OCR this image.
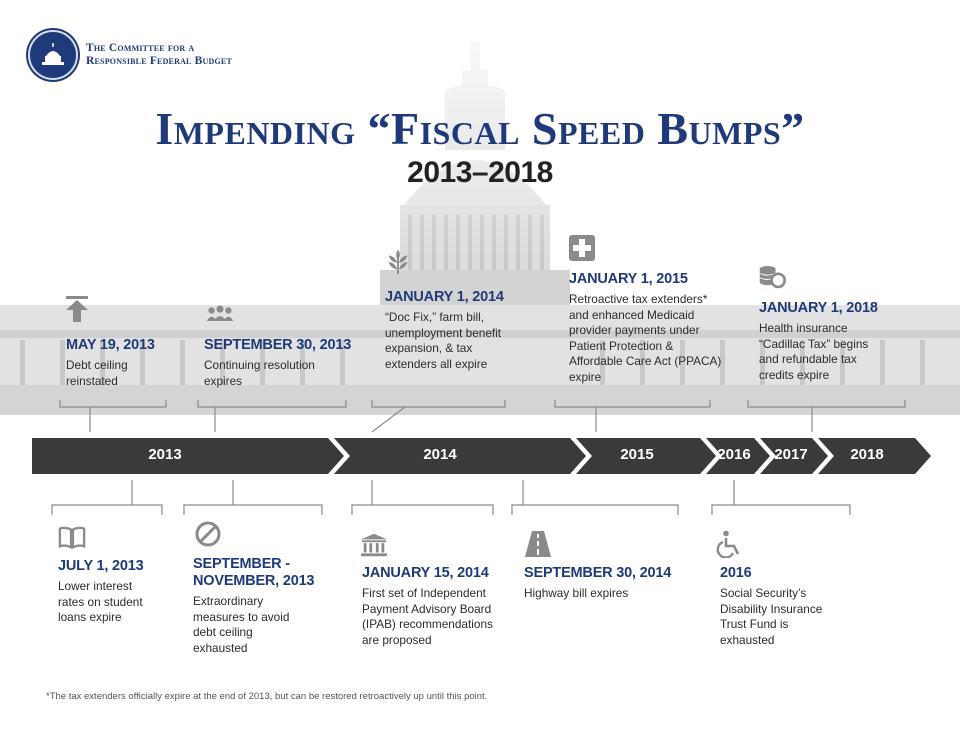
The Committee for a
Responsible Federal Budget
Impending “Fiscal Speed Bumps”
2013–2018
2013	2014	2015	2016	2017	2018
MAY 19, 2013
Debt ceiling reinstated
SEPTEMBER 30, 2013
Continuing resolution expires
JANUARY 1, 2014
“Doc Fix,” farm bill, unemployment benefit expansion, & tax extenders all expire
JANUARY 1, 2015
Retroactive tax extenders* and enhanced Medicaid provider payments under Patient Protection & Affordable Care Act (PPACA) expire
JANUARY 1, 2018
Health insurance “Cadillac Tax” begins and refundable tax credits expire
JULY 1, 2013
Lower interest rates on student loans expire
SEPTEMBER - NOVEMBER, 2013
Extraordinary measures to avoid debt ceiling exhausted
JANUARY 15, 2014
First set of Independent Payment Advisory Board (IPAB) recommendations are proposed
SEPTEMBER 30, 2014
Highway bill expires
2016
Social Security’s Disability Insurance Trust Fund is exhausted
*The tax extenders officially expire at the end of 2013, but can be restored retroactively up until this point.
